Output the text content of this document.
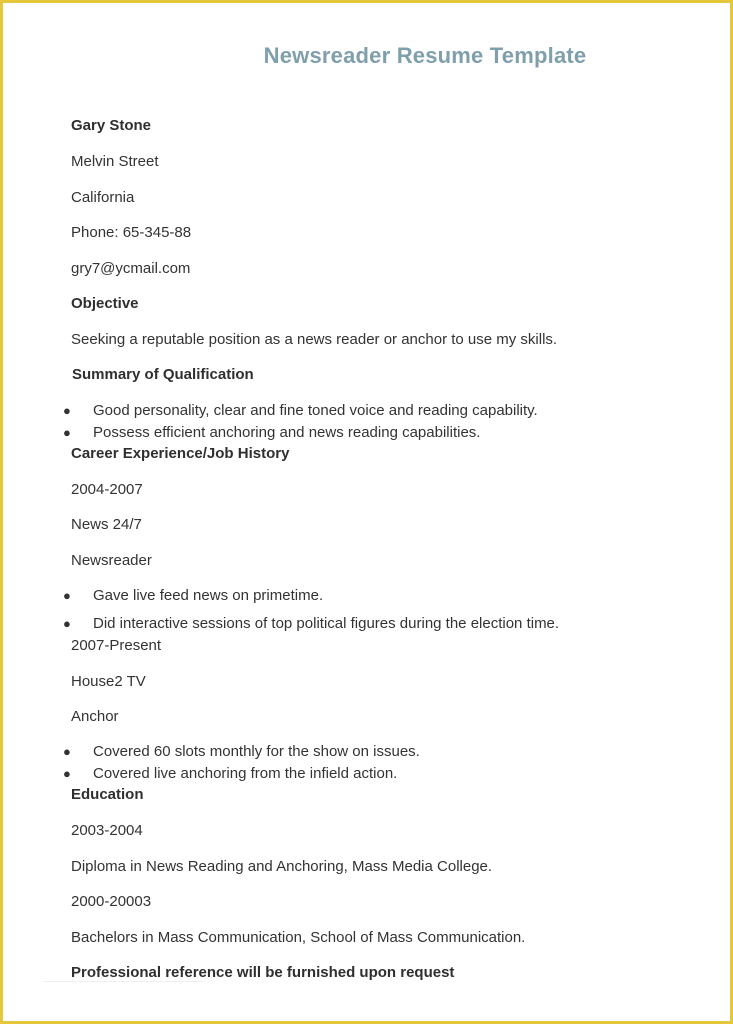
Newsreader Resume Template
Gary Stone
Melvin Street
California
Phone: 65-345-88
gry7@ycmail.com
Objective
Seeking a reputable position as a news reader or anchor to use my skills.
Summary of Qualification
● Good personality, clear and fine toned voice and reading capability.
● Possess efficient anchoring and news reading capabilities.
Career Experience/Job History
2004-2007
News 24/7
Newsreader
● Gave live feed news on primetime.
● Did interactive sessions of top political figures during the election time.
2007-Present
House2 TV
Anchor
● Covered 60 slots monthly for the show on issues.
● Covered live anchoring from the infield action.
Education
2003-2004
Diploma in News Reading and Anchoring, Mass Media College.
2000-20003
Bachelors in Mass Communication, School of Mass Communication.
Professional reference will be furnished upon request
